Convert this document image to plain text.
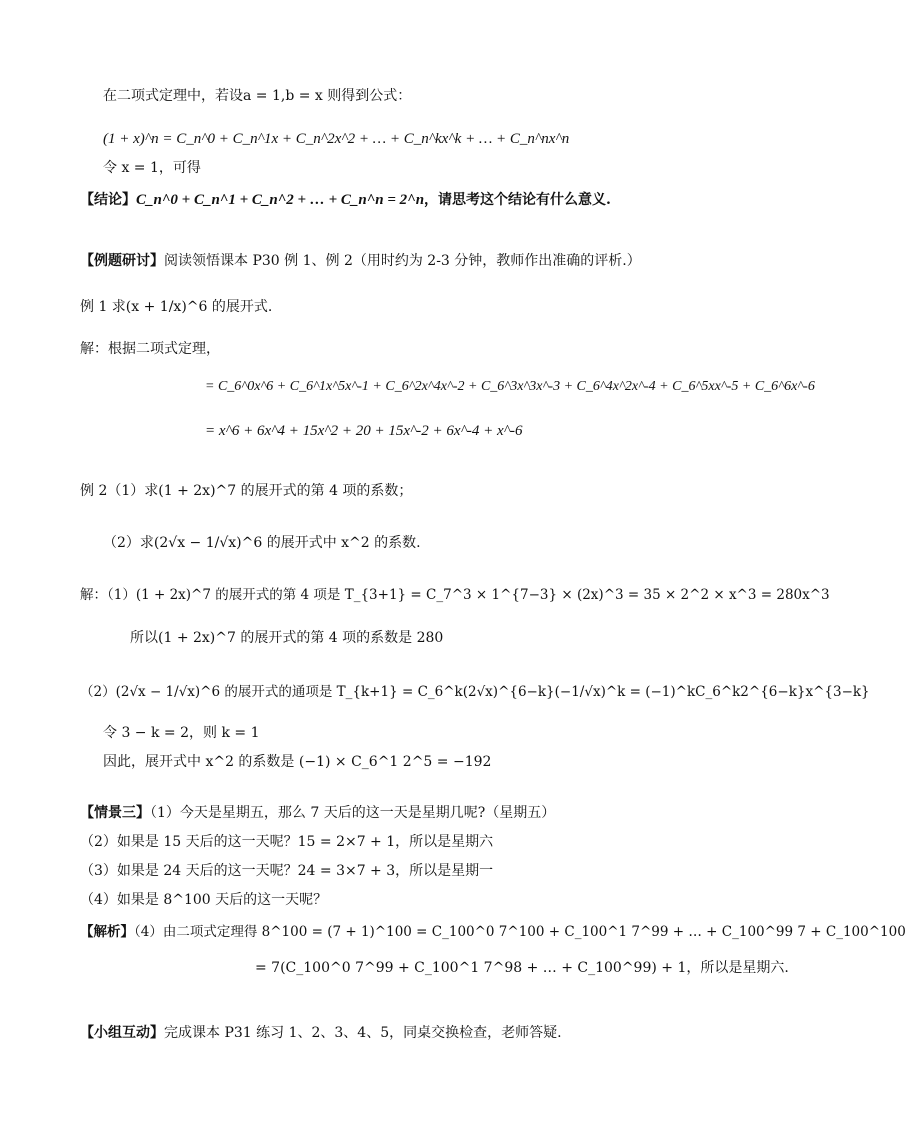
在二项式定理中，若设a = 1,b = x 则得到公式：
(1 + x)^n = C_n^0 + C_n^1x + C_n^2x^2 + … + C_n^kx^k + … + C_n^nx^n
令 x = 1，可得
【结论】C_n^0 + C_n^1 + C_n^2 + … + C_n^n = 2^n，请思考这个结论有什么意义.
【例题研讨】阅读领悟课本 P30 例 1、例 2（用时约为 2-3 分钟，教师作出准确的评析.）
例 1 求(x + 1/x)^6 的展开式.
解：根据二项式定理，
= C_6^0x^6 + C_6^1x^5x^-1 + C_6^2x^4x^-2 + C_6^3x^3x^-3 + C_6^4x^2x^-4 + C_6^5xx^-5 + C_6^6x^-6
= x^6 + 6x^4 + 15x^2 + 20 + 15x^-2 + 6x^-4 + x^-6
例 2（1）求(1 + 2x)^7 的展开式的第 4 项的系数；
（2）求(2√x − 1/√x)^6 的展开式中 x^2 的系数.
解：（1）(1 + 2x)^7 的展开式的第 4 项是 T_{3+1} = C_7^3 × 1^{7−3} × (2x)^3 = 35 × 2^2 × x^3 = 280x^3
所以(1 + 2x)^7 的展开式的第 4 项的系数是 280
（2）(2√x − 1/√x)^6 的展开式的通项是 T_{k+1} = C_6^k(2√x)^{6−k}(−1/√x)^k = (−1)^kC_6^k2^{6−k}x^{3−k}
令 3 − k = 2，则 k = 1
因此，展开式中 x^2 的系数是 (−1) × C_6^1 2^5 = −192
【情景三】（1）今天是星期五，那么 7 天后的这一天是星期几呢?（星期五）
（2）如果是 15 天后的这一天呢？15 = 2×7 + 1，所以是星期六
（3）如果是 24 天后的这一天呢？24 = 3×7 + 3，所以是星期一
（4）如果是 8^100 天后的这一天呢？
【解析】（4）由二项式定理得 8^100 = (7 + 1)^100 = C_100^0 7^100 + C_100^1 7^99 + … + C_100^99 7 + C_100^100
= 7(C_100^0 7^99 + C_100^1 7^98 + … + C_100^99) + 1，所以是星期六.
【小组互动】完成课本 P31 练习 1、2、3、4、5，同桌交换检查，老师答疑.
